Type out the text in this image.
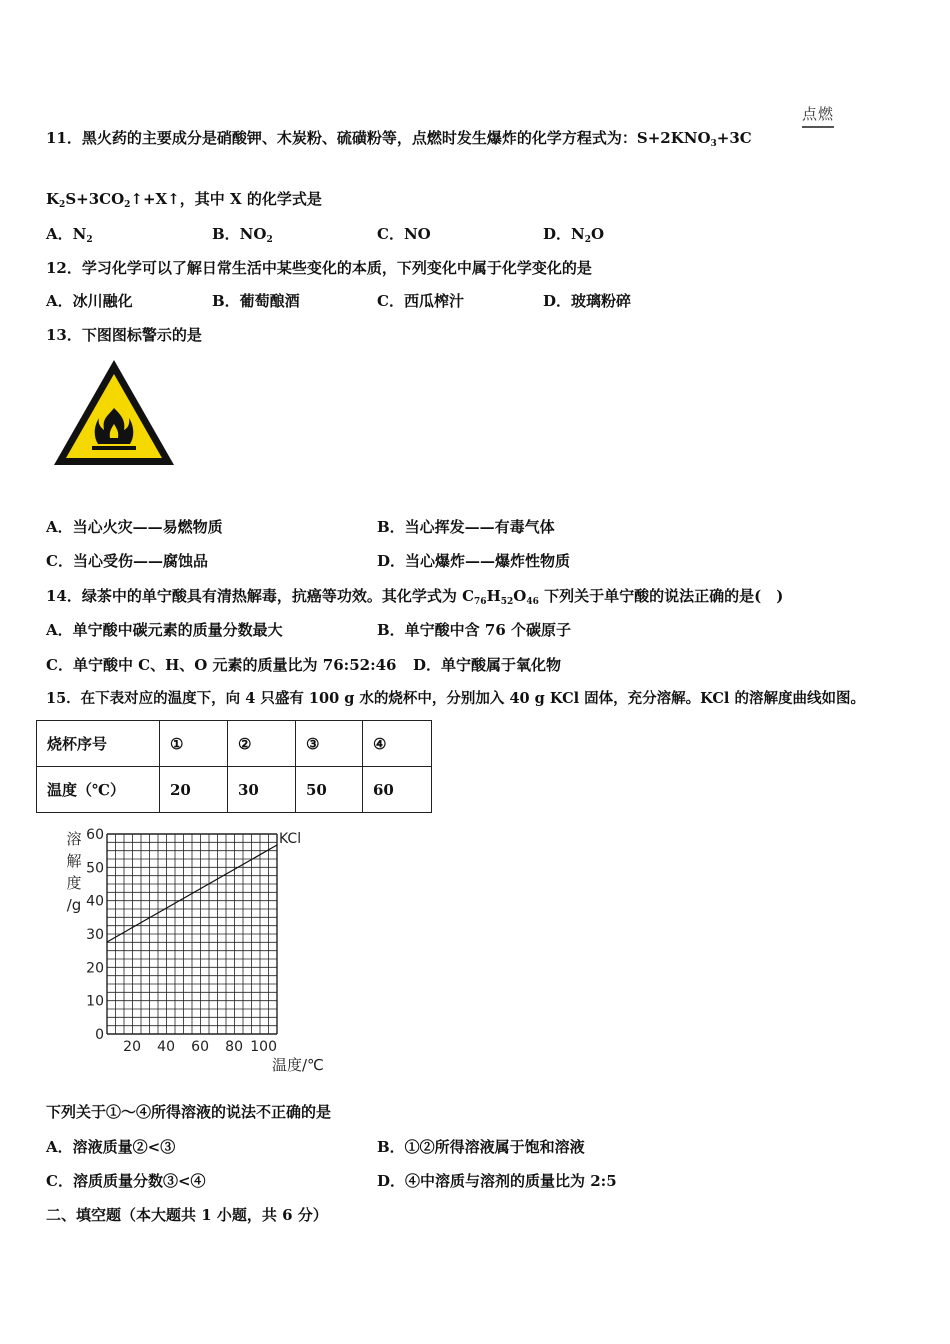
点燃
11．黑火药的主要成分是硝酸钾、木炭粉、硫磺粉等，点燃时发生爆炸的化学方程式为：$S+2KNO_3+3C$
$K_2S+3CO_2↑+X↑$，其中 X 的化学式是
A．$N_2$	B．$NO_2$	C．NO	D．$N_2O$
12．学习化学可以了解日常生活中某些变化的本质，下列变化中属于化学变化的是
A．冰川融化	B．葡萄酿酒	C．西瓜榨汁	D．玻璃粉碎
13．下图图标警示的是
A．当心火灾——易燃物质	B．当心挥发——有毒气体
C．当心受伤——腐蚀品	D．当心爆炸——爆炸性物质
14．绿茶中的单宁酸具有清热解毒，抗癌等功效。其化学式为 $C_{76}H_{52}O_{46}$ 下列关于单宁酸的说法正确的是(　)
A．单宁酸中碳元素的质量分数最大	B．单宁酸中含 76 个碳原子
C．单宁酸中 C、H、O 元素的质量比为 76:52:46 D．单宁酸属于氧化物
15．在下表对应的温度下，向 4 只盛有 100 g 水的烧杯中，分别加入 40 g KCl 固体，充分溶解。KCl 的溶解度曲线如图。
烧杯序号	①	②	③	④
温度（℃）	20	30	50	60
0
10
20
30
40
50
60
20 40 60 80 100
溶
解
度
/g
温度/℃
KCl
下列关于①～④所得溶液的说法不正确的是
A．溶液质量②<③	B．①②所得溶液属于饱和溶液
C．溶质质量分数③<④	D．④中溶质与溶剂的质量比为 2:5
二、填空题（本大题共 1 小题，共 6 分）
